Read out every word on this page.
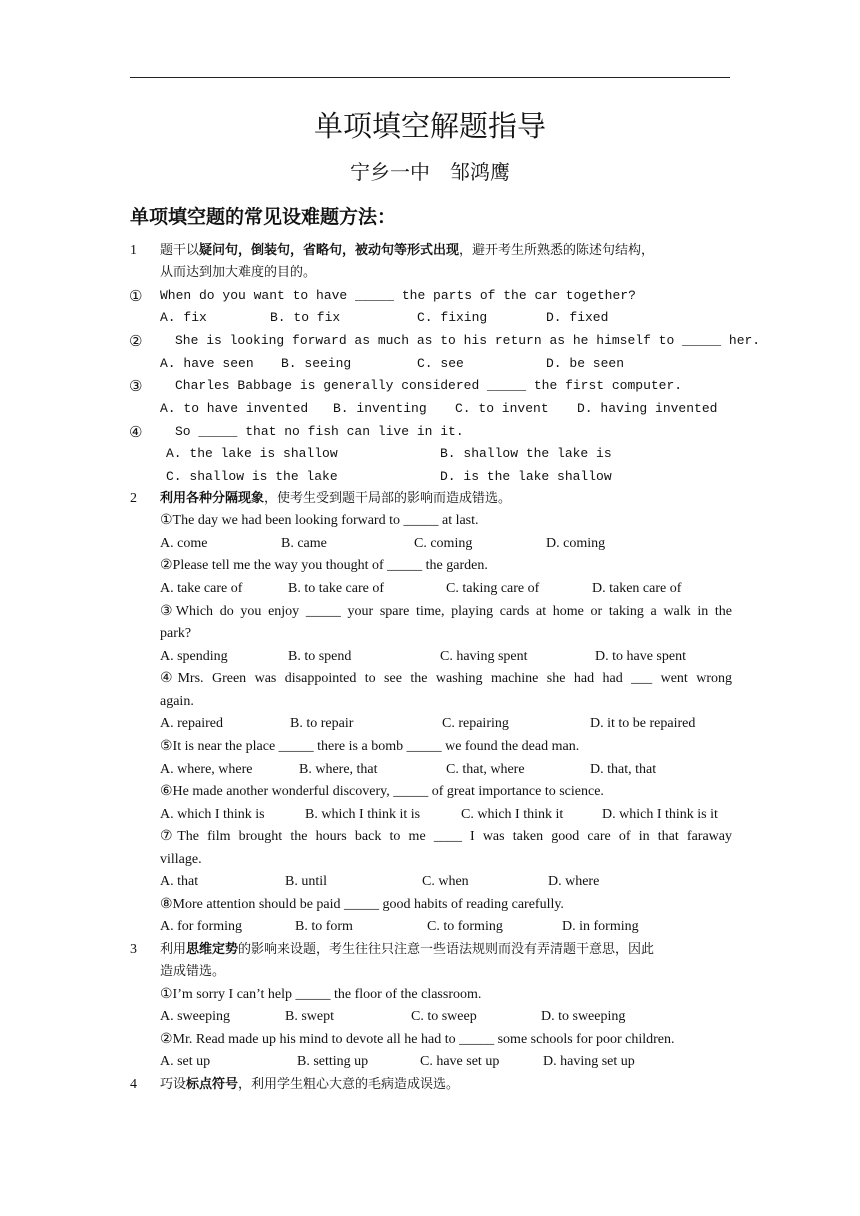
单项填空解题指导
宁乡一中　邹鸿鹰
单项填空题的常见设难题方法：
1 题干以疑问句，倒装句，省略句，被动句等形式出现，避开考生所熟悉的陈述句结构，
从而达到加大难度的目的。
① When do you want to have _____ the parts of the car together?
A. fix	B. to fix	C. fixing	D. fixed
②	She is looking forward as much as to his return as he himself to _____ her.
A. have seen B. seeing	C. see	D. be seen
③	Charles Babbage is generally considered _____ the first computer.
A. to have invented B. inventing C. to invent D. having invented
④	So _____ that no fish can live in it.
A. the lake is shallow	B. shallow the lake is
C. shallow is the lake	D. is the lake shallow
2 利用各种分隔现象，使考生受到题干局部的影响而造成错选。
①The day we had been looking forward to _____ at last.
A. come	B. came	C. coming	D. coming
②Please tell me the way you thought of _____ the garden.
A. take care of	B. to take care of	C. taking care of	D. taken care of
③Which do you enjoy _____ your spare time, playing cards at home or taking a walk in the
park?
A. spending	B. to spend	C. having spent	D. to have spent
④Mrs. Green was disappointed to see the washing machine she had had ___ went wrong
again.
A. repaired	B. to repair	C. repairing	D. it to be repaired
⑤It is near the place _____ there is a bomb _____ we found the dead man.
A. where, where	B. where, that	C. that, where	D. that, that
⑥He made another wonderful discovery, _____ of great importance to science.
A. which I think is	B. which I think it is	C. which I think it	D. which I think is it
⑦The film brought the hours back to me ____ I was taken good care of in that faraway
village.
A. that	B. until	C. when	D. where
⑧More attention should be paid _____ good habits of reading carefully.
A. for forming	B. to form	C. to forming	D. in forming
3 利用思维定势的影响来设题，考生往往只注意一些语法规则而没有弄清题干意思，因此
造成错选。
①I’m sorry I can’t help _____ the floor of the classroom.
A. sweeping	B. swept	C. to sweep	D. to sweeping
②Mr. Read made up his mind to devote all he had to _____ some schools for poor children.
A. set up	B. setting up	C. have set up	D. having set up
4 巧设标点符号，利用学生粗心大意的毛病造成误选。
